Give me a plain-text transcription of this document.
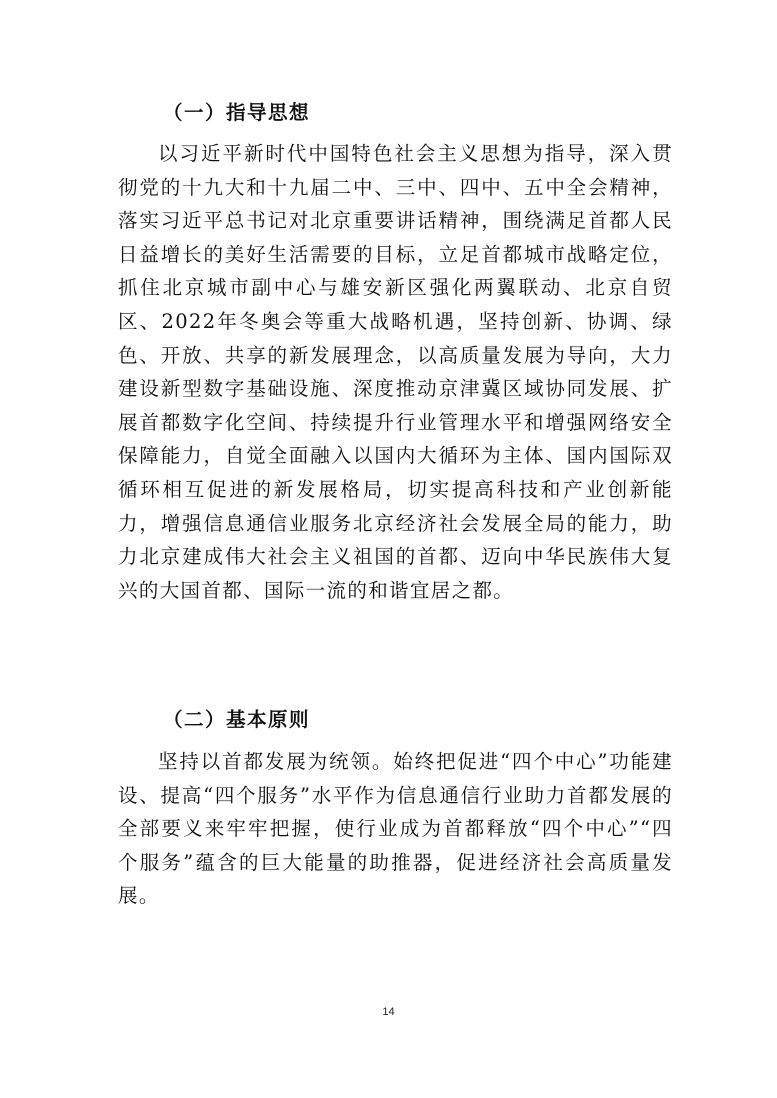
（一）指导思想

以习近平新时代中国特色社会主义思想为指导，深入贯彻党的十九大和十九届二中、三中、四中、五中全会精神，落实习近平总书记对北京重要讲话精神，围绕满足首都人民日益增长的美好生活需要的目标，立足首都城市战略定位，抓住北京城市副中心与雄安新区强化两翼联动、北京自贸区、2022年冬奥会等重大战略机遇，坚持创新、协调、绿色、开放、共享的新发展理念，以高质量发展为导向，大力建设新型数字基础设施、深度推动京津冀区域协同发展、扩展首都数字化空间、持续提升行业管理水平和增强网络安全保障能力，自觉全面融入以国内大循环为主体、国内国际双循环相互促进的新发展格局，切实提高科技和产业创新能力，增强信息通信业服务北京经济社会发展全局的能力，助力北京建成伟大社会主义祖国的首都、迈向中华民族伟大复兴的大国首都、国际一流的和谐宜居之都。

（二）基本原则

坚持以首都发展为统领。始终把促进“四个中心”功能建设、提高“四个服务”水平作为信息通信行业助力首都发展的全部要义来牢牢把握，使行业成为首都释放“四个中心”“四个服务”蕴含的巨大能量的助推器，促进经济社会高质量发展。

14
